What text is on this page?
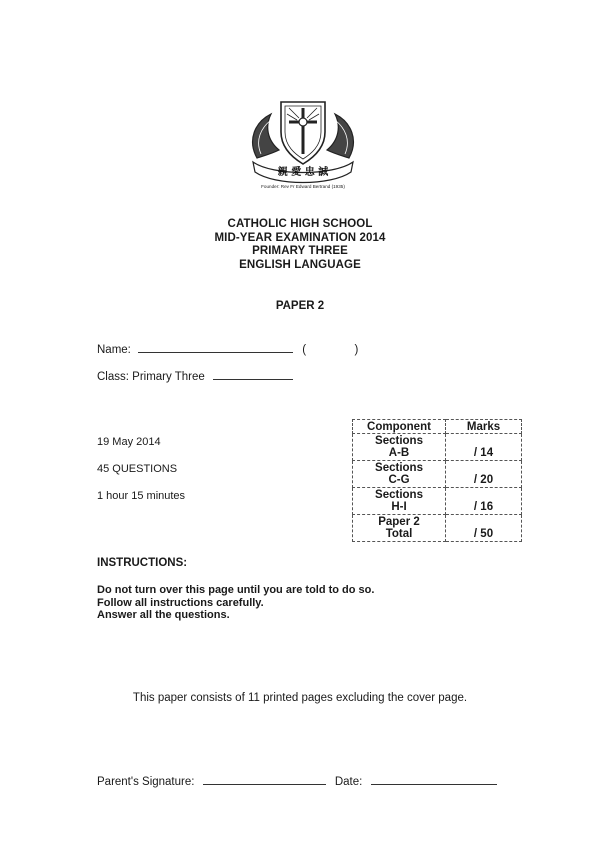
親 愛 忠 誠
Founder: Rev Fr Edward Bertrand (1935)
CATHOLIC HIGH SCHOOL
MID-YEAR EXAMINATION 2014
PRIMARY THREE
ENGLISH LANGUAGE
PAPER 2
Name:	(	)
Class: Primary Three
19 May 2014
45 QUESTIONS
1 hour 15 minutes
Component	Marks

Sections
A-B	/ 14

Sections
C-G	/ 20

Sections
H-I	/ 16

Paper 2
Total	/ 50
INSTRUCTIONS:
Do not turn over this page until you are told to do so.
Follow all instructions carefully.
Answer all the questions.
This paper consists of 11 printed pages excluding the cover page.
Parent's Signature:	Date:
